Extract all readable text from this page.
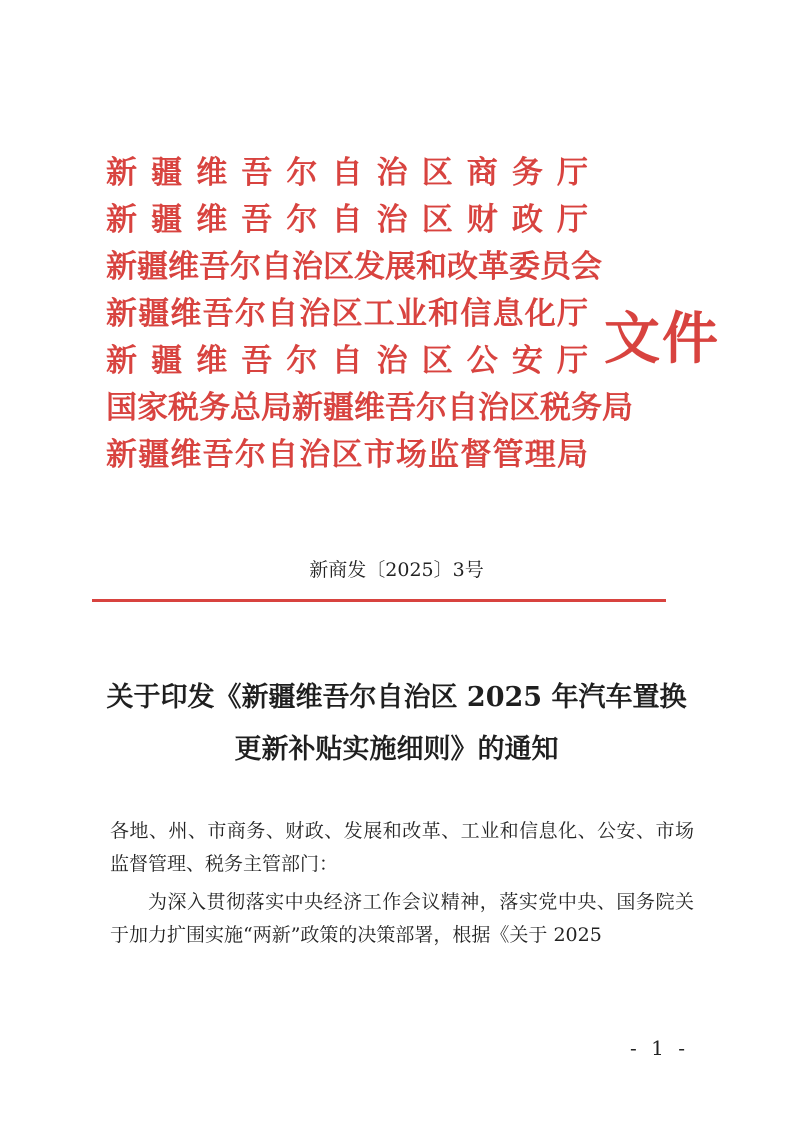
新疆维吾尔自治区商务厅
新疆维吾尔自治区财政厅
新疆维吾尔自治区发展和改革委员会
新疆维吾尔自治区工业和信息化厅
新疆维吾尔自治区公安厅
国家税务总局新疆维吾尔自治区税务局
新疆维吾尔自治区市场监督管理局
文件
新商发〔2025〕3号
关于印发《新疆维吾尔自治区 2025 年汽车置换
更新补贴实施细则》的通知

各地、州、市商务、财政、发展和改革、工业和信息化、公安、市场监督管理、税务主管部门：

为深入贯彻落实中央经济工作会议精神，落实党中央、国务院关于加力扩围实施“两新”政策的决策部署，根据《关于 2025

- 1 -
